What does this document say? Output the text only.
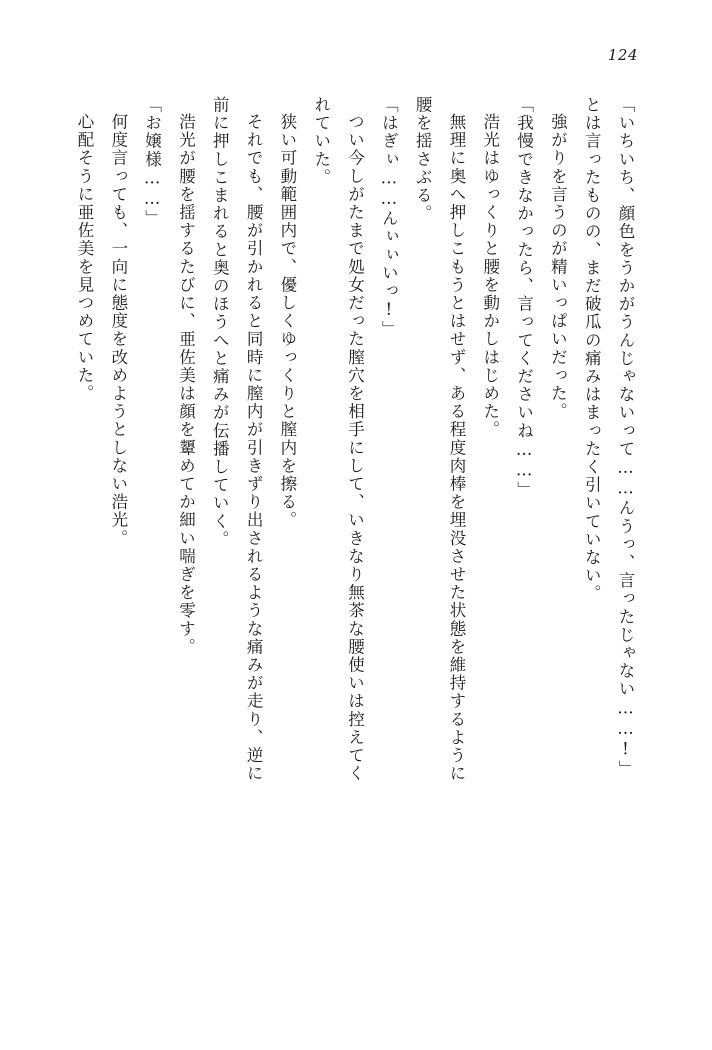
124

「いちいち、顔色をうかがうんじゃないって……んうっ、言ったじゃない……!」

とは言ったものの、まだ破瓜の痛みはまったく引いていない。

強がりを言うのが精いっぱいだった。

「我慢できなかったら、言ってくださいね……」

浩光はゆっくりと腰を動かしはじめた。

無理に奥へ押しこもうとはせず、ある程度肉棒を埋没させた状態を維持するように

腰を揺さぶる。

「はぎぃ……んぃぃいっ!」

つい今しがたまで処女だった膣穴を相手にして、いきなり無茶な腰使いは控えてく

れていた。

狭い可動範囲内で、優しくゆっくりと膣内を擦る。

それでも、腰が引かれると同時に膣内が引きずり出されるような痛みが走り、逆に

前に押しこまれると奥のほうへと痛みが伝播していく。

浩光が腰を揺するたびに、亜佐美は顔を顰めてか細い喘ぎを零す。

「お嬢様……」

何度言っても、一向に態度を改めようとしない浩光。

心配そうに亜佐美を見つめていた。
